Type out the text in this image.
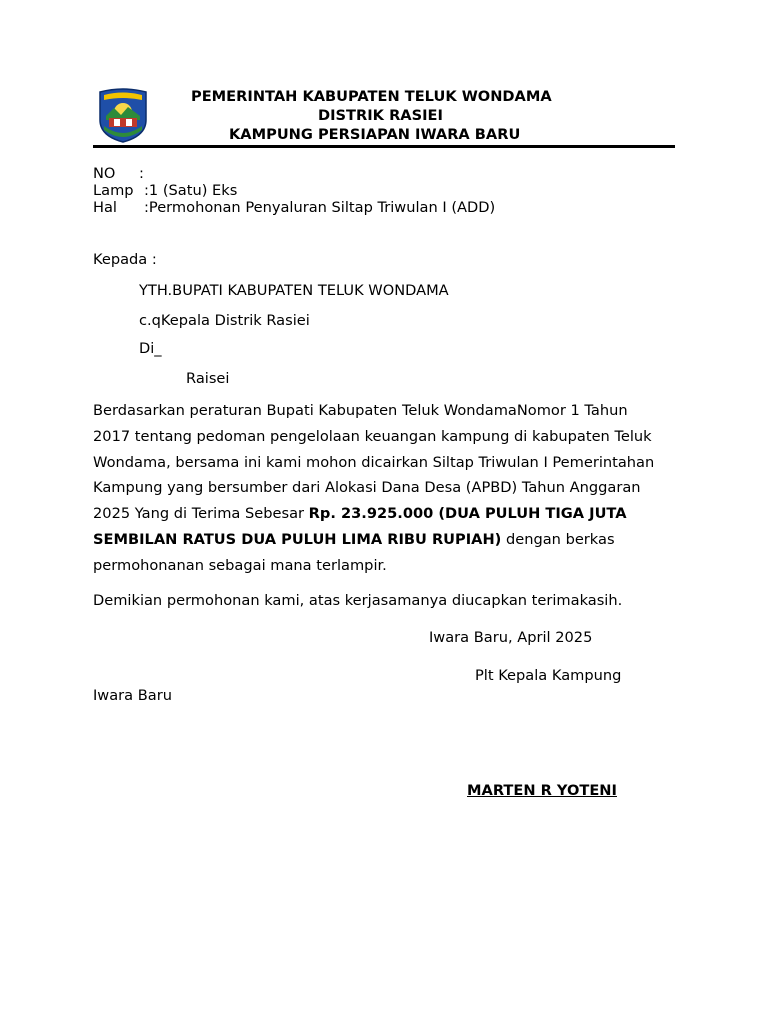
PEMERINTAH KABUPATEN TELUK WONDAMA
DISTRIK RASIEI
KAMPUNG PERSIAPAN IWARA BARU
NO :
Lamp :1 (Satu) Eks
Hal :Permohonan Penyaluran Siltap Triwulan I (ADD)
Kepada :
YTH.BUPATI KABUPATEN TELUK WONDAMA
c.qKepala Distrik Rasiei
Di_
Raisei
Berdasarkan peraturan Bupati Kabupaten Teluk WondamaNomor 1 Tahun 2017 tentang pedoman pengelolaan keuangan kampung di kabupaten Teluk Wondama, bersama ini kami mohon dicairkan Siltap Triwulan I Pemerintahan Kampung yang bersumber dari Alokasi Dana Desa (APBD) Tahun Anggaran 2025 Yang di Terima Sebesar Rp. 23.925.000 (DUA PULUH TIGA JUTA SEMBILAN RATUS DUA PULUH LIMA RIBU RUPIAH) dengan berkas permohonanan sebagai mana terlampir.
Demikian permohonan kami, atas kerjasamanya diucapkan terimakasih.
Iwara Baru, April 2025
Plt Kepala Kampung
Iwara Baru
MARTEN R YOTENI
